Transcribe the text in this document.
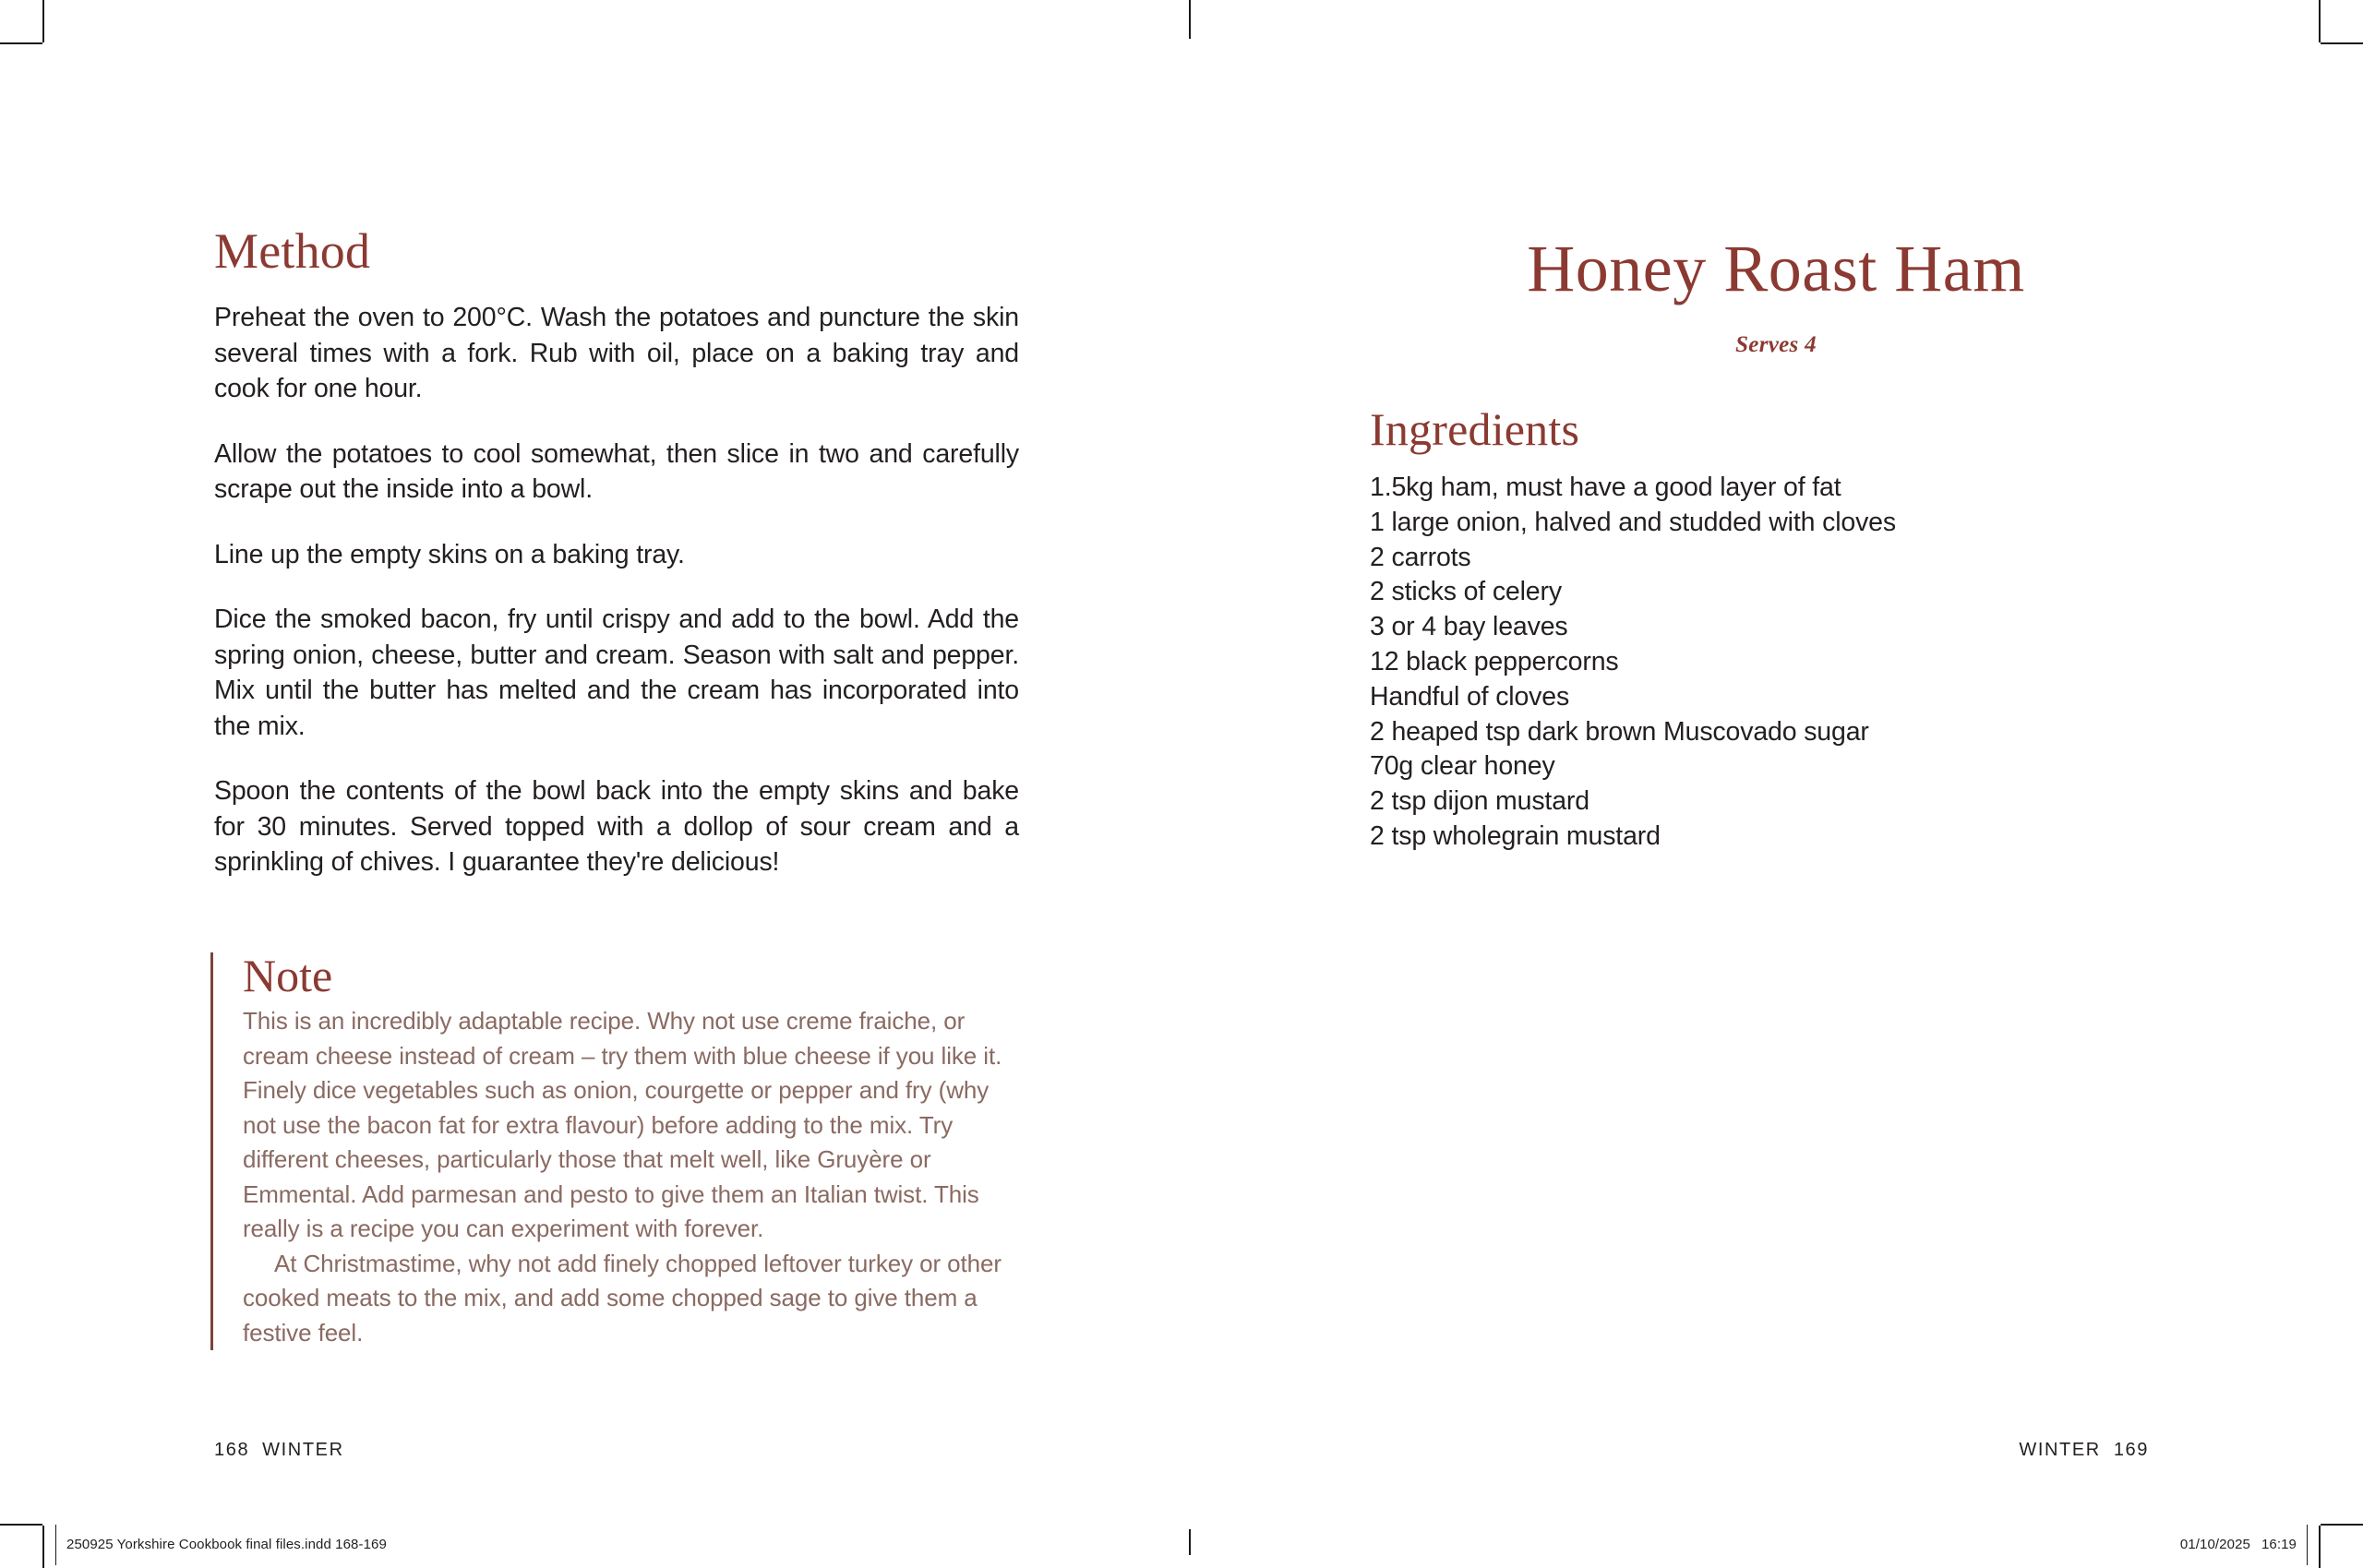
Method

Preheat the oven to 200°C. Wash the potatoes and puncture the skin several times with a fork. Rub with oil, place on a baking tray and cook for one hour.

Allow the potatoes to cool somewhat, then slice in two and carefully scrape out the inside into a bowl.

Line up the empty skins on a baking tray.

Dice the smoked bacon, fry until crispy and add to the bowl. Add the spring onion, cheese, butter and cream. Season with salt and pepper. Mix until the butter has melted and the cream has incorporated into the mix.

Spoon the contents of the bowl back into the empty skins and bake for 30 minutes. Served topped with a dollop of sour cream and a sprinkling of chives. I guarantee they're delicious!

Note

This is an incredibly adaptable recipe. Why not use creme fraiche, or cream cheese instead of cream – try them with blue cheese if you like it. Finely dice vegetables such as onion, courgette or pepper and fry (why not use the bacon fat for extra flavour) before adding to the mix. Try different cheeses, particularly those that melt well, like Gruyère or Emmental. Add parmesan and pesto to give them an Italian twist. This really is a recipe you can experiment with forever.

At Christmastime, why not add finely chopped leftover turkey or other cooked meats to the mix, and add some chopped sage to give them a festive feel.

168 WINTER
250925 Yorkshire Cookbook final files.indd 168-169
Honey Roast Ham
Serves 4
Ingredients
1.5kg ham, must have a good layer of fat
1 large onion, halved and studded with cloves
2 carrots
2 sticks of celery
3 or 4 bay leaves
12 black peppercorns
Handful of cloves
2 heaped tsp dark brown Muscovado sugar
70g clear honey
2 tsp dijon mustard
2 tsp wholegrain mustard
WINTER 169
01/10/2025 16:19
